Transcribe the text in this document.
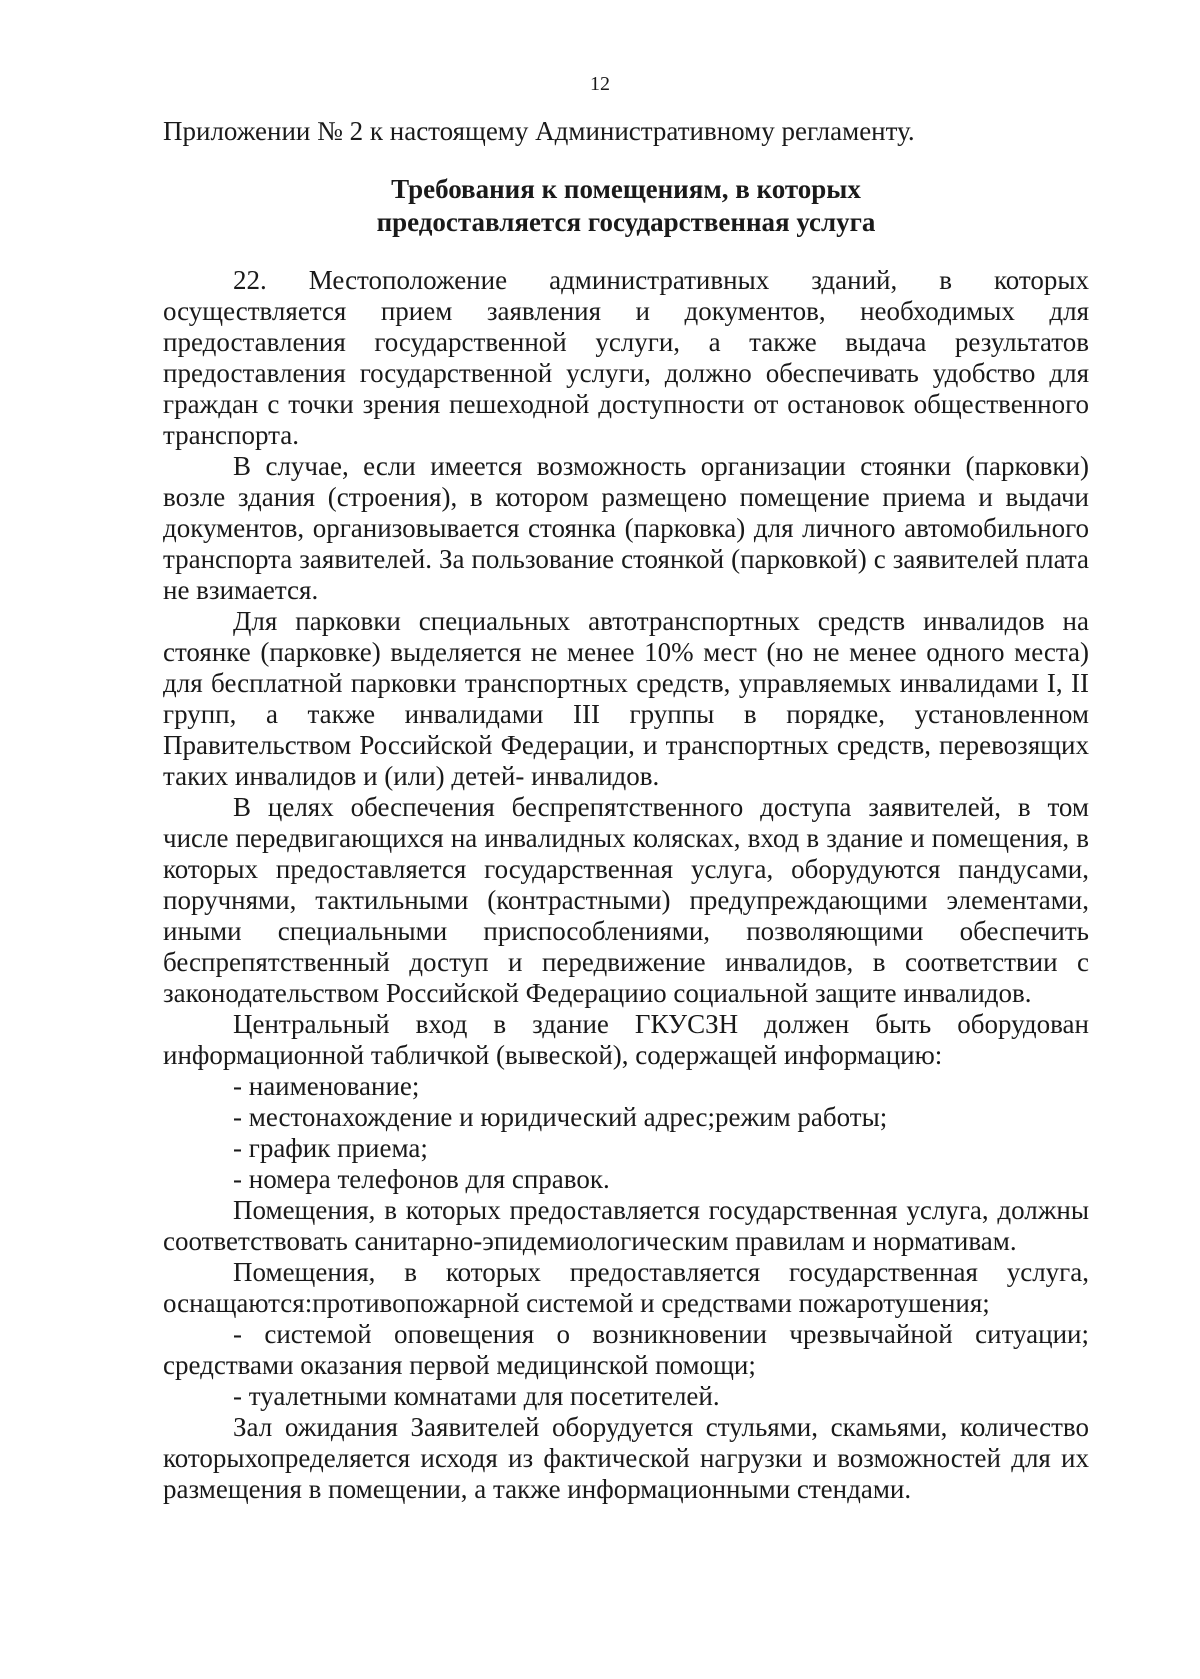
12

Приложении № 2 к настоящему Административному регламенту.

Требования к помещениям, в которых
предоставляется государственная услуга

22. Местоположение административных зданий, в которых осуществляется прием заявления и документов, необходимых для предоставления государственной услуги, а также выдача результатов предоставления государственной услуги, должно обеспечивать удобство для граждан с точки зрения пешеходной доступности от остановок общественного транспорта.

В случае, если имеется возможность организации стоянки (парковки) возле здания (строения), в котором размещено помещение приема и выдачи документов, организовывается стоянка (парковка) для личного автомобильного транспорта заявителей. За пользование стоянкой (парковкой) с заявителей плата не взимается.

Для парковки специальных автотранспортных средств инвалидов на стоянке (парковке) выделяется не менее 10% мест (но не менее одного места) для бесплатной парковки транспортных средств, управляемых инвалидами I, II групп, а также инвалидами III группы в порядке, установленном Правительством Российской Федерации, и транспортных средств, перевозящих таких инвалидов и (или) детей- инвалидов.

В целях обеспечения беспрепятственного доступа заявителей, в том числе передвигающихся на инвалидных колясках, вход в здание и помещения, в которых предоставляется государственная услуга, оборудуются пандусами, поручнями, тактильными (контрастными) предупреждающими элементами, иными специальными приспособлениями, позволяющими обеспечить беспрепятственный доступ и передвижение инвалидов, в соответствии с законодательством Российской Федерациио социальной защите инвалидов.

Центральный вход в здание ГКУСЗН должен быть оборудован информационной табличкой (вывеской), содержащей информацию:

- наименование;

- местонахождение и юридический адрес;режим работы;

- график приема;

- номера телефонов для справок.

Помещения, в которых предоставляется государственная услуга, должны соответствовать санитарно-эпидемиологическим правилам и нормативам.

Помещения, в которых предоставляется государственная услуга, оснащаются:противопожарной системой и средствами пожаротушения;

- системой оповещения о возникновении чрезвычайной ситуации; средствами оказания первой медицинской помощи;

- туалетными комнатами для посетителей.

Зал ожидания Заявителей оборудуется стульями, скамьями, количество которыхопределяется исходя из фактической нагрузки и возможностей для их размещения в помещении, а также информационными стендами.
